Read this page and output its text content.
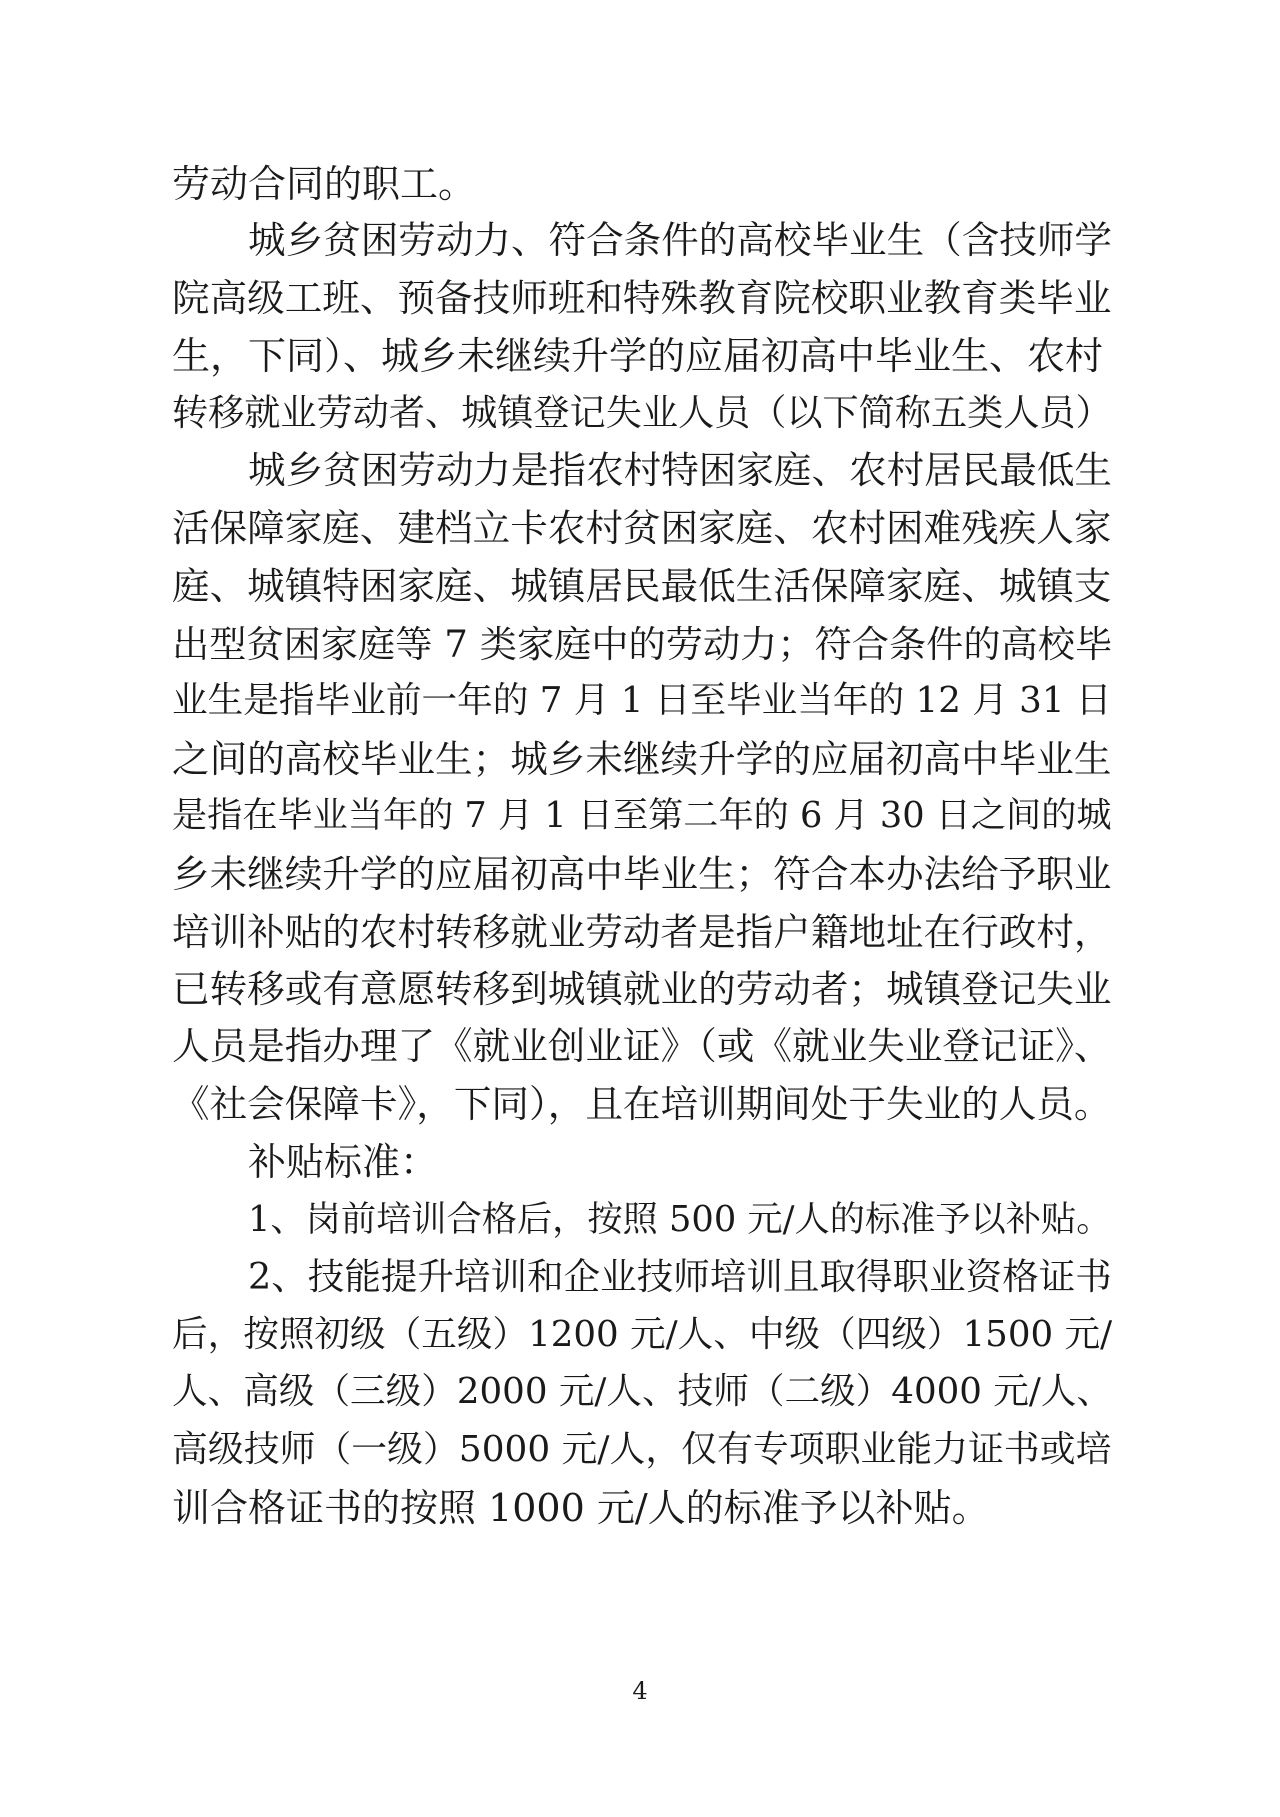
劳动合同的职工。
城乡贫困劳动力、符合条件的高校毕业生（含技师学
院高级工班、预备技师班和特殊教育院校职业教育类毕业
生，下同）、城乡未继续升学的应届初高中毕业生、农村
转移就业劳动者、城镇登记失业人员（以下简称五类人员）
城乡贫困劳动力是指农村特困家庭、农村居民最低生
活保障家庭、建档立卡农村贫困家庭、农村困难残疾人家
庭、城镇特困家庭、城镇居民最低生活保障家庭、城镇支
出型贫困家庭等 7 类家庭中的劳动力；符合条件的高校毕
业生是指毕业前一年的 7 月 1 日至毕业当年的 12 月 31 日
之间的高校毕业生；城乡未继续升学的应届初高中毕业生
是指在毕业当年的 7 月 1 日至第二年的 6 月 30 日之间的城
乡未继续升学的应届初高中毕业生；符合本办法给予职业
培训补贴的农村转移就业劳动者是指户籍地址在行政村，
已转移或有意愿转移到城镇就业的劳动者；城镇登记失业
人员是指办理了《就业创业证》（或《就业失业登记证》、
《社会保障卡》，下同），且在培训期间处于失业的人员。
补贴标准：
1、岗前培训合格后，按照 500 元/人的标准予以补贴。
2、技能提升培训和企业技师培训且取得职业资格证书
后，按照初级（五级）1200 元/人、中级（四级）1500 元/
人、高级（三级）2000 元/人、技师（二级）4000 元/人、
高级技师（一级）5000 元/人，仅有专项职业能力证书或培
训合格证书的按照 1000 元/人的标准予以补贴。
4
